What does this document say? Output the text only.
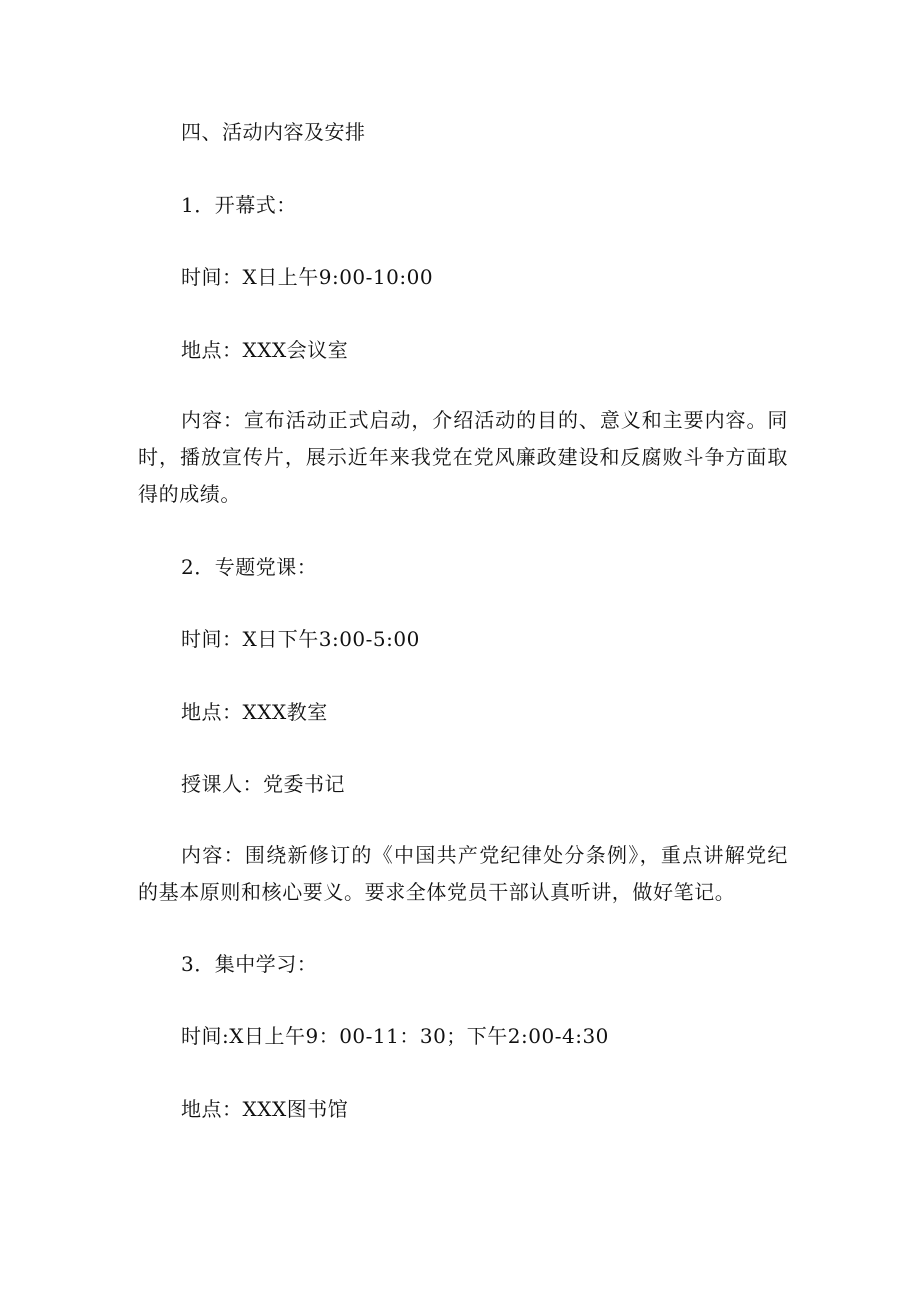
四、活动内容及安排
1．开幕式：
时间：X日上午9:00-10:00
地点：XXX会议室
内容：宣布活动正式启动，介绍活动的目的、意义和主要内容。同时，播放宣传片，展示近年来我党在党风廉政建设和反腐败斗争方面取得的成绩。
2．专题党课：
时间：X日下午3:00-5:00
地点：XXX教室
授课人：党委书记
内容：围绕新修订的《中国共产党纪律处分条例》，重点讲解党纪的基本原则和核心要义。要求全体党员干部认真听讲，做好笔记。
3．集中学习：
时间:X日上午9：00-11：30；下午2:00-4:30
地点：XXX图书馆
